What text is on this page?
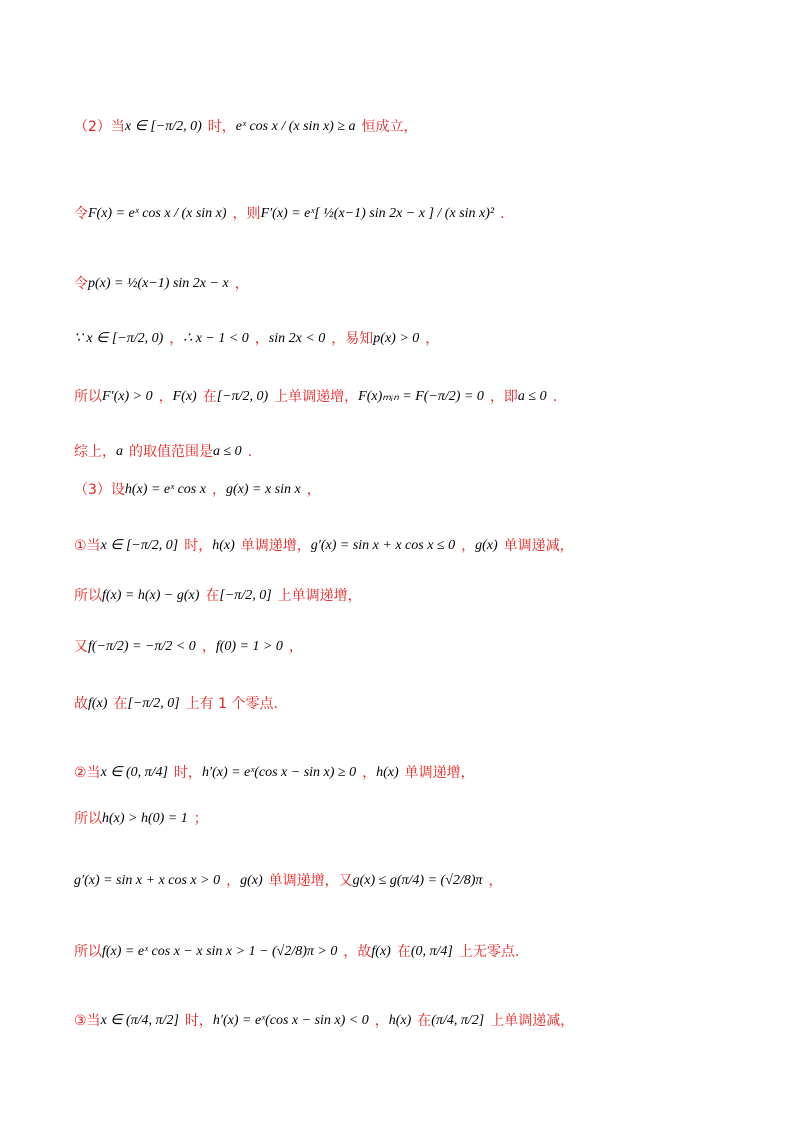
（2）当x ∈ [−π/2, 0) 时，eˣ cos x / (x sin x) ≥ a 恒成立，
令F(x) = eˣ cos x / (x sin x) ，则F′(x) = eˣ[ ½(x−1) sin 2x − x ] / (x sin x)² .
令p(x) = ½(x−1) sin 2x − x ，
∵ x ∈ [−π/2, 0) ，∴ x − 1 < 0 ，sin 2x < 0 ，易知p(x) > 0 ，
所以F′(x) > 0 ，F(x) 在[−π/2, 0) 上单调递增，F(x)ₘᵢₙ = F(−π/2) = 0 ，即a ≤ 0 .
综上，a 的取值范围是a ≤ 0 .
（3）设h(x) = eˣ cos x ，g(x) = x sin x ，
①当x ∈ [−π/2, 0] 时，h(x) 单调递增，g′(x) = sin x + x cos x ≤ 0 ，g(x) 单调递减，
所以f(x) = h(x) − g(x) 在[−π/2, 0] 上单调递增，
又f(−π/2) = −π/2 < 0 ，f(0) = 1 > 0 ，
故f(x) 在[−π/2, 0] 上有 1 个零点.
②当x ∈ (0, π/4] 时，h′(x) = eˣ(cos x − sin x) ≥ 0 ，h(x) 单调递增，
所以h(x) > h(0) = 1 ；
g′(x) = sin x + x cos x > 0 ，g(x) 单调递增，又g(x) ≤ g(π/4) = (√2/8)π ，
所以f(x) = eˣ cos x − x sin x > 1 − (√2/8)π > 0 ，故f(x) 在(0, π/4] 上无零点.
③当x ∈ (π/4, π/2] 时，h′(x) = eˣ(cos x − sin x) < 0 ，h(x) 在(π/4, π/2] 上单调递减，
